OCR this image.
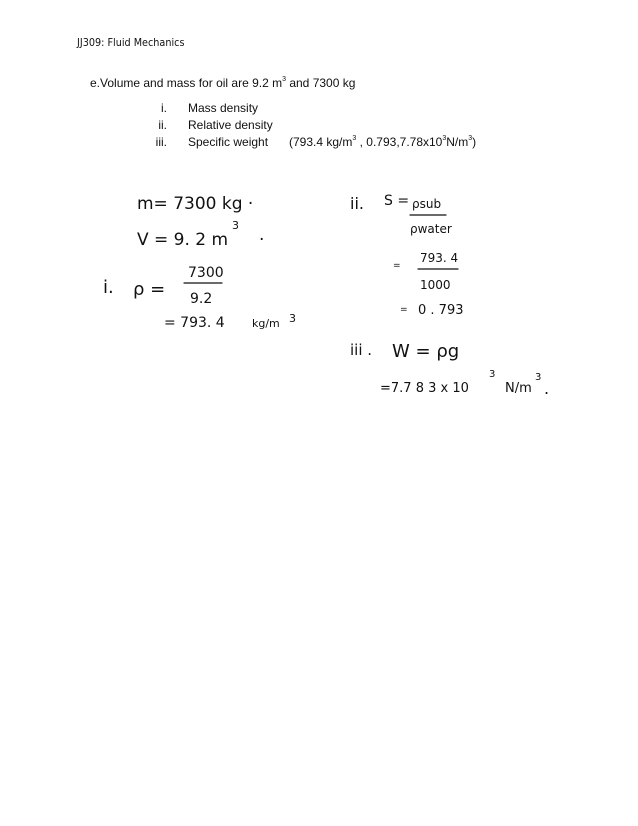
JJ309: Fluid Mechanics
e.Volume and mass for oil are 9.2 $m^3$ and 7300 kg
i. Mass density
ii. Relative density
iii. Specific weight (793.4 $kg/m^3$ , $0.793,7.78x10^3N/m^3$)
m= 7300 kg ·
V = 9. 2 m
3 .
i. ρ =
7300
9.2
= 793. 4 kg/m 3
ii. S = ρsub
ρwater
=
793. 4
1000
= 0 . 793
iii . W = ρg
=7.7 8 3 x 10
3
N/m
3
.
